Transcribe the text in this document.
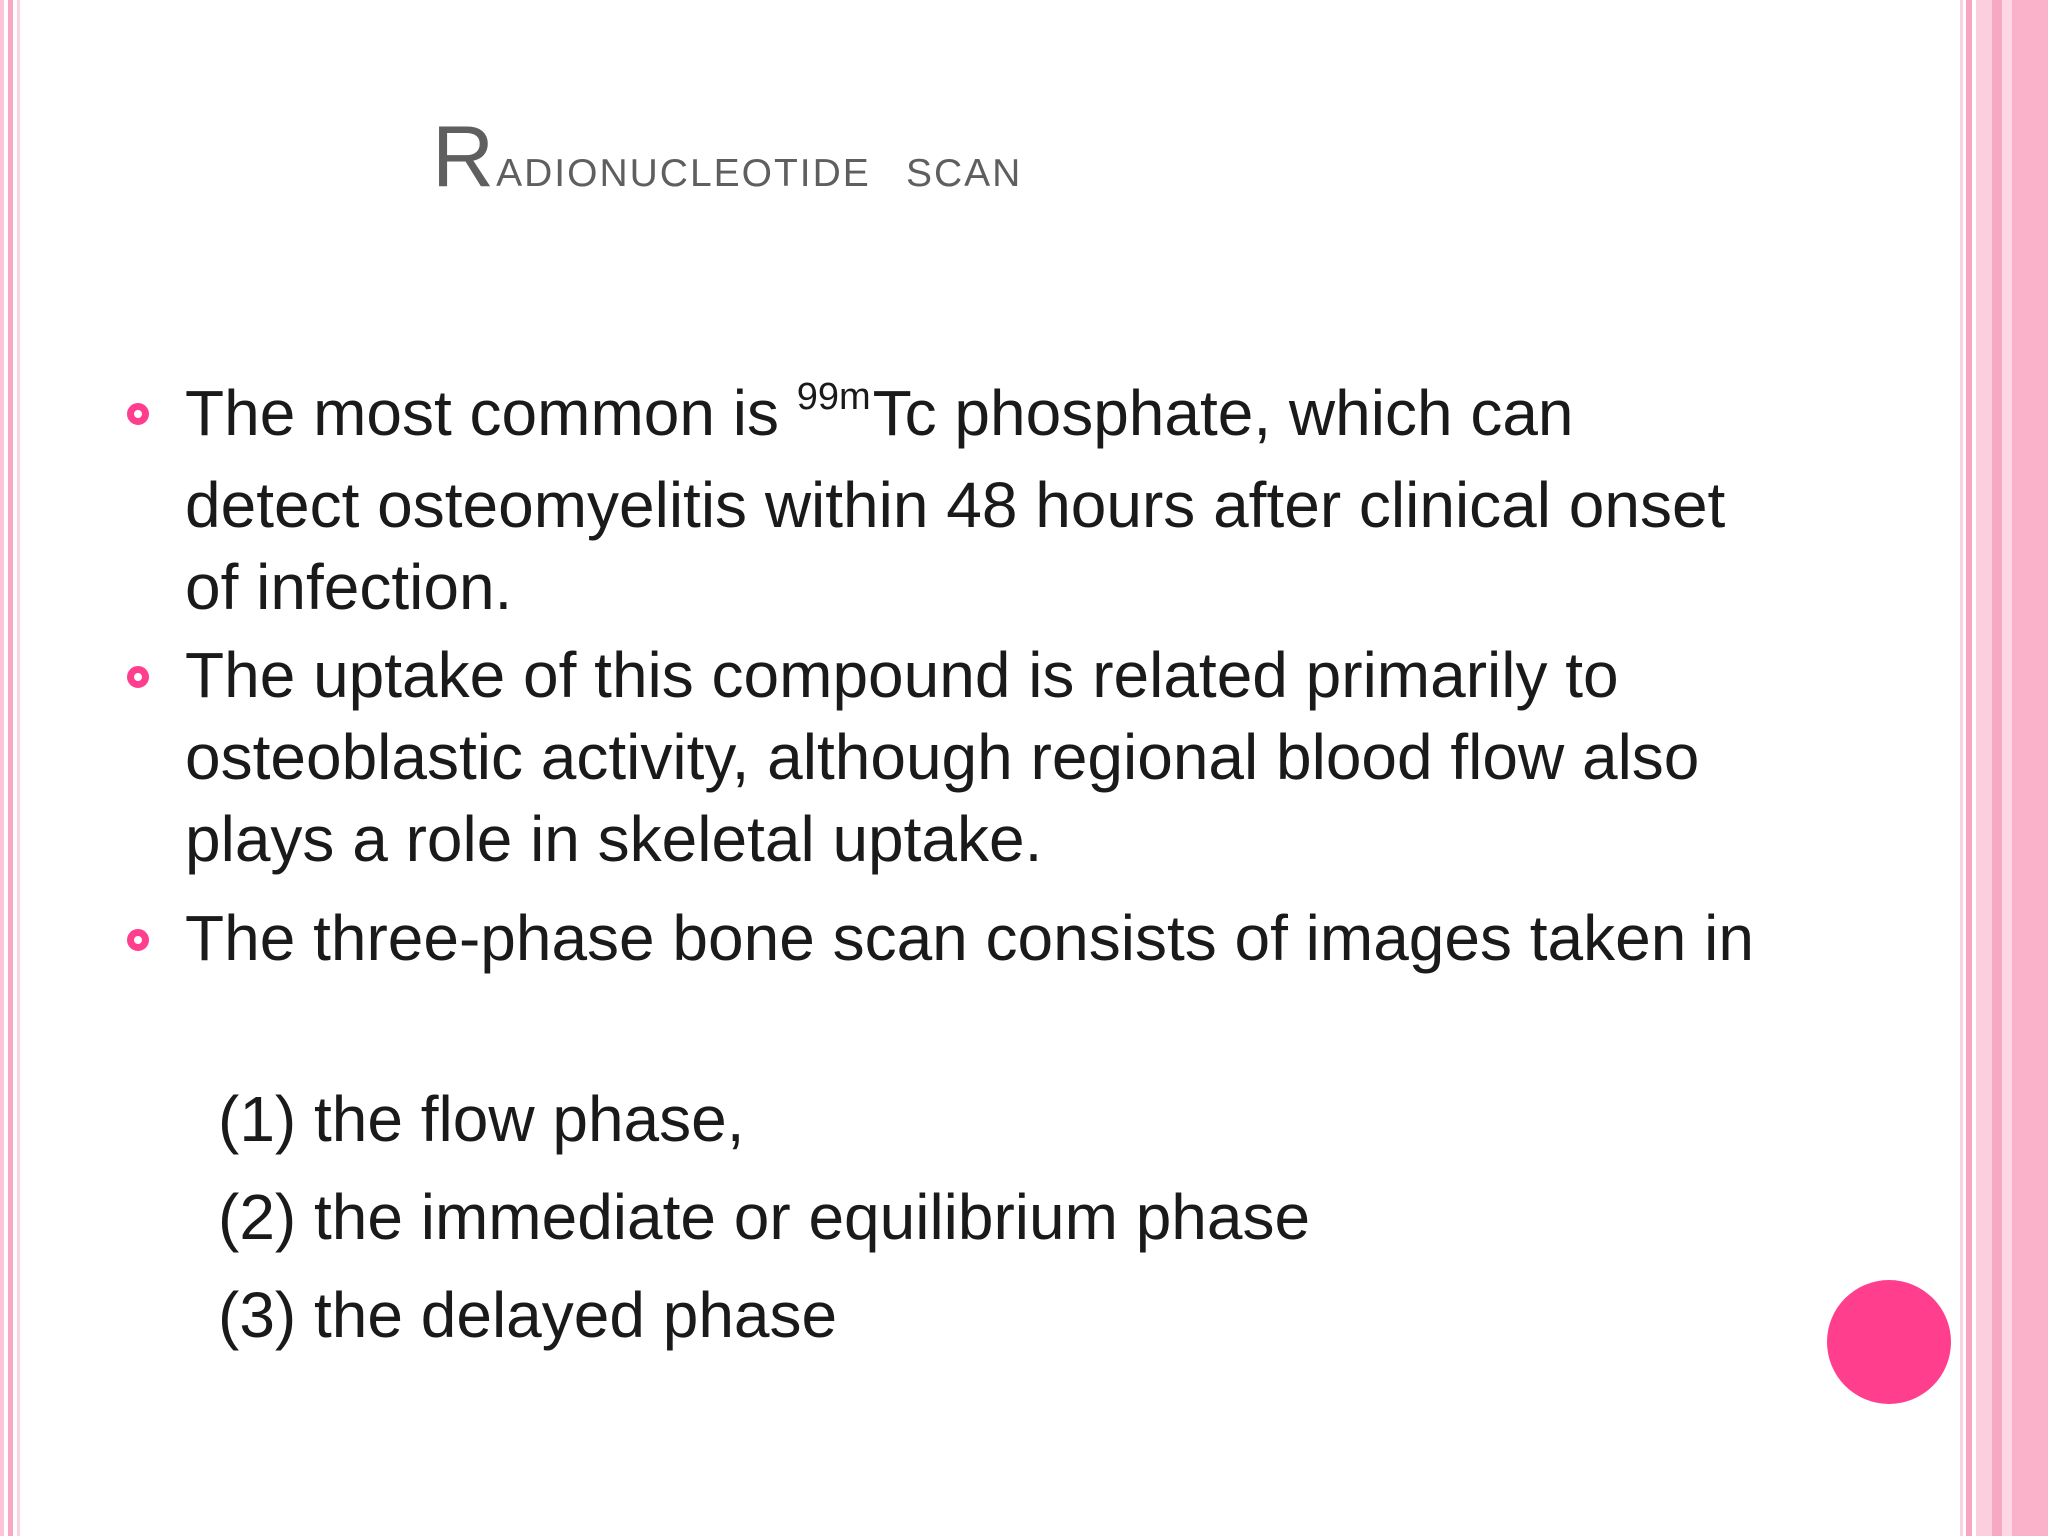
Radionucleotide  scan
The most common is $^{99m}$Tc phosphate, which can detect osteomyelitis within 48 hours after clinical onset of infection.
The uptake of this compound is related primarily to osteoblastic activity, although regional blood flow also plays a role in skeletal uptake.
The three-phase bone scan consists of images taken in
(1) the flow phase,
(2) the immediate or equilibrium phase
(3) the delayed phase
